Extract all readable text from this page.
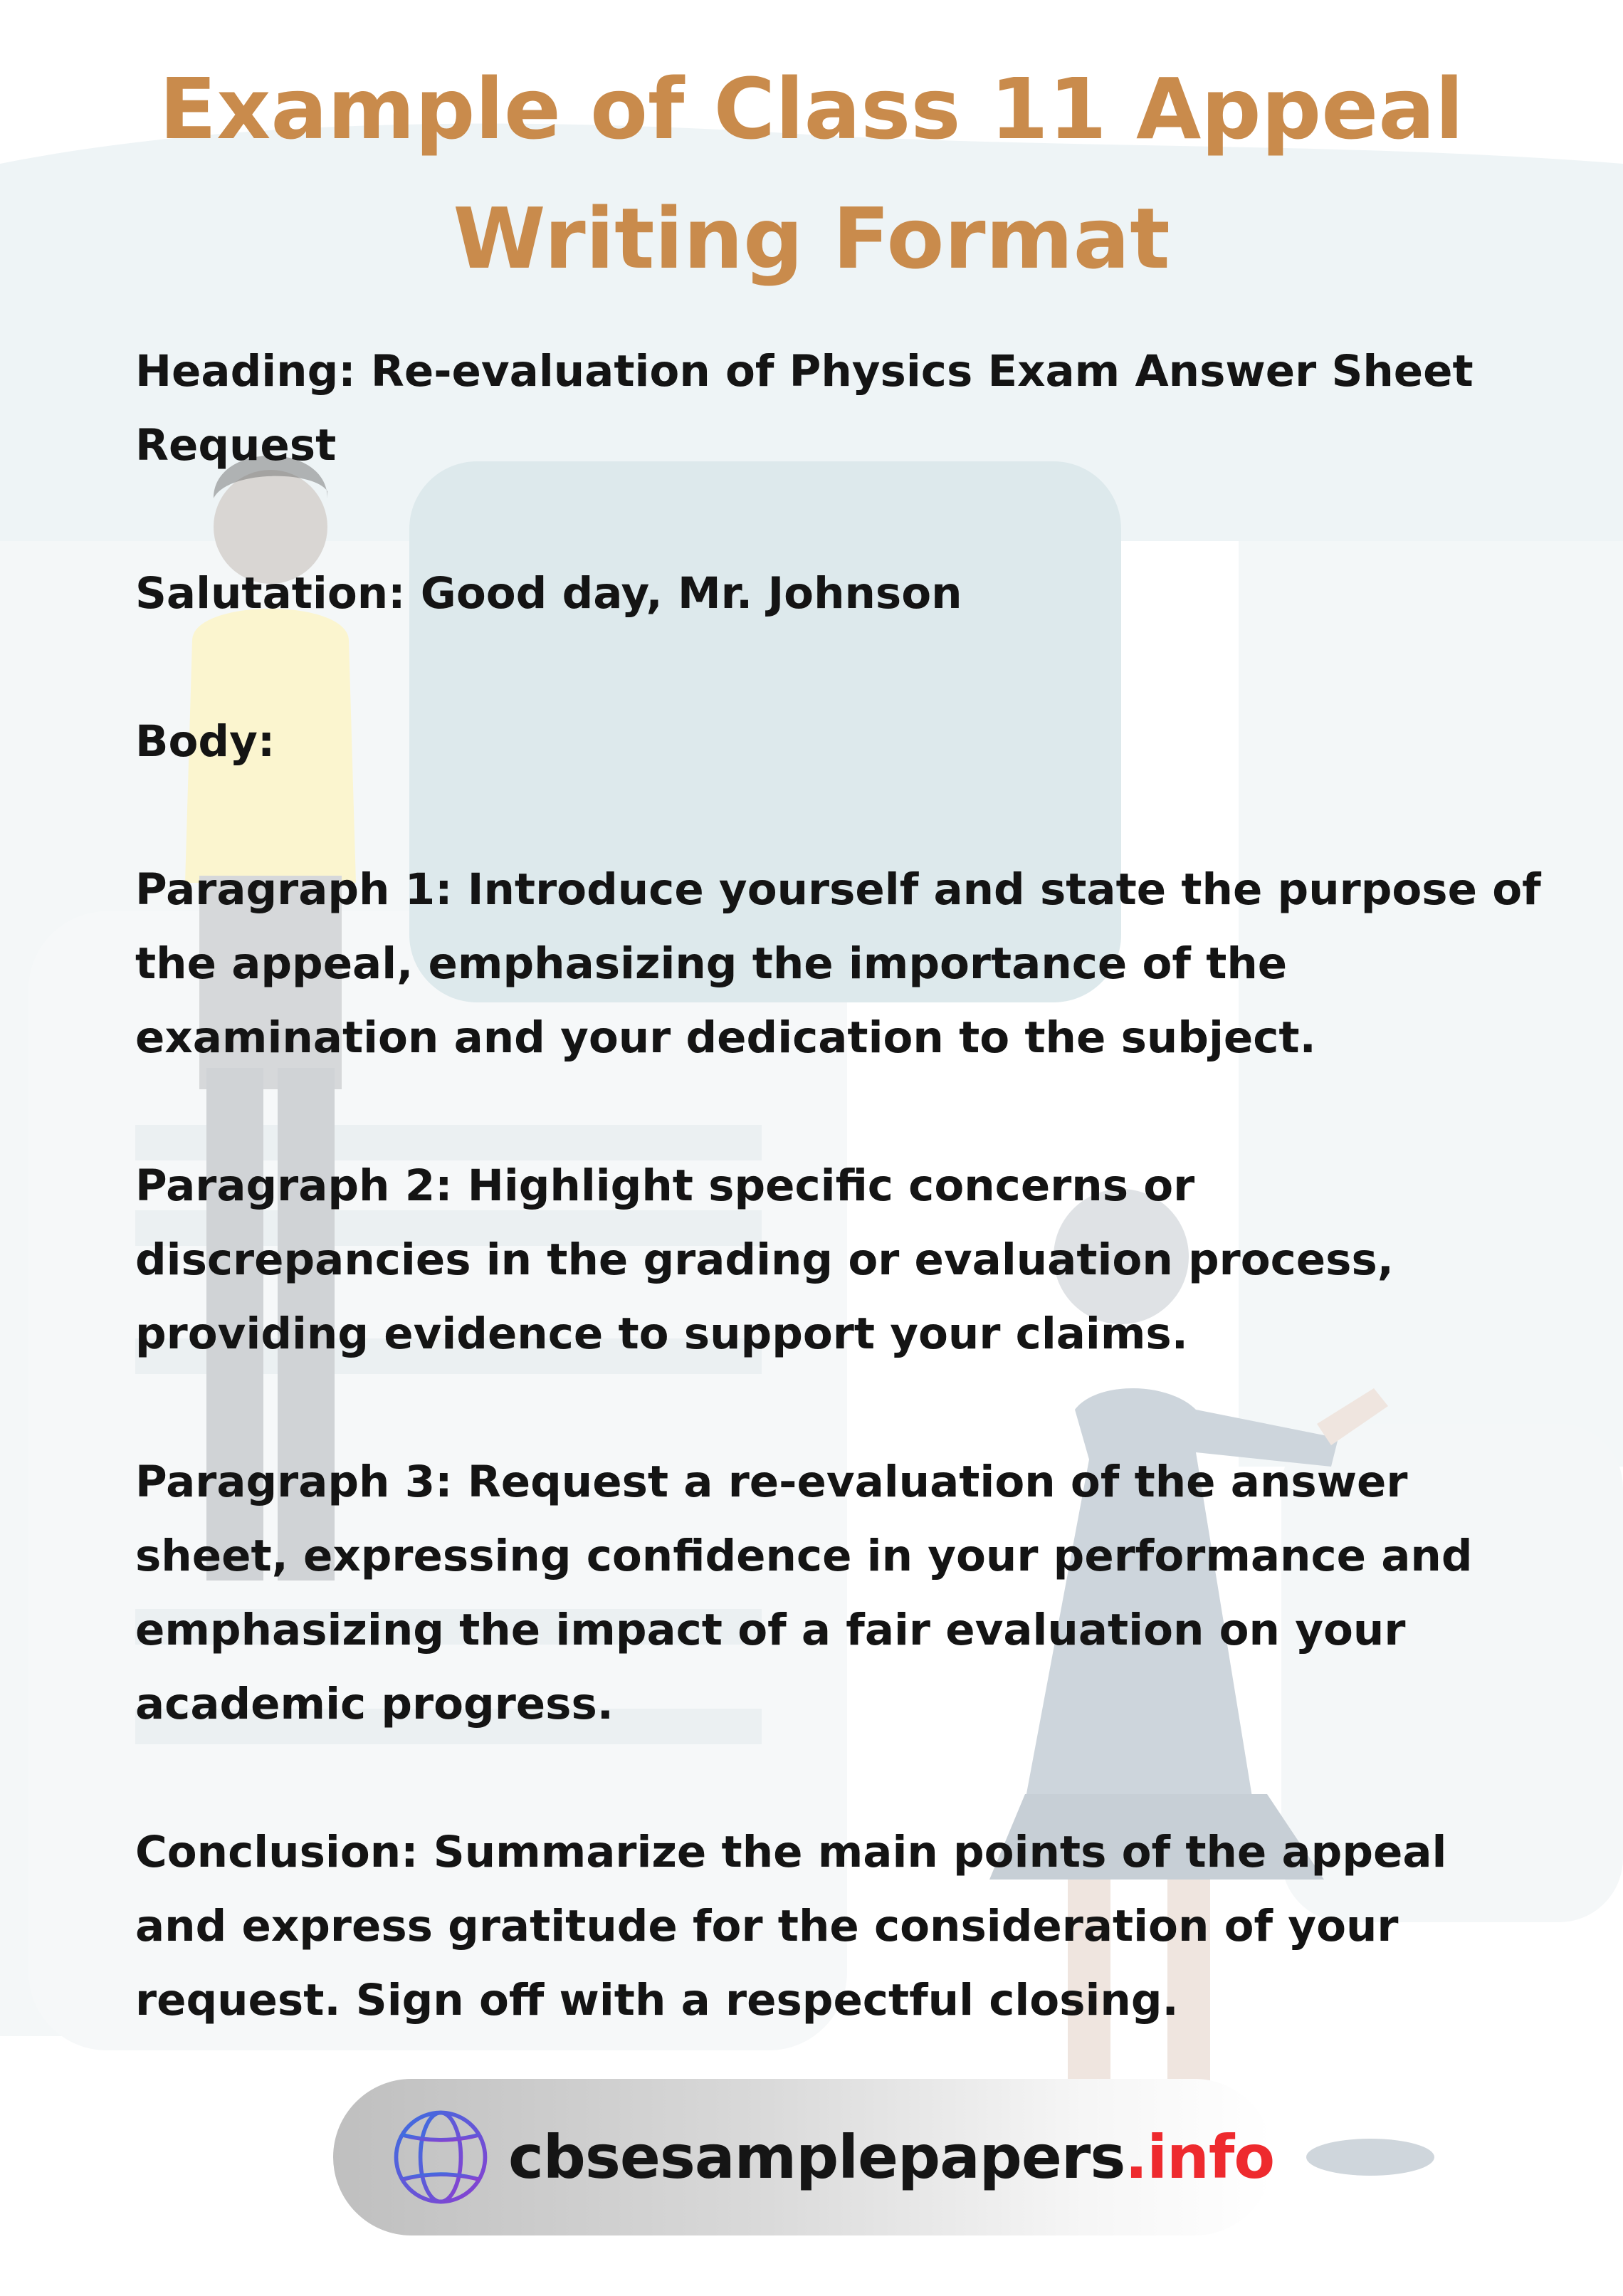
Example of Class 11 Appeal
Writing Format

Heading: Re-evaluation of Physics Exam Answer Sheet
Request

Salutation: Good day, Mr. Johnson

Body:

Paragraph 1: Introduce yourself and state the purpose of
the appeal, emphasizing the importance of the
examination and your dedication to the subject.

Paragraph 2: Highlight specific concerns or
discrepancies in the grading or evaluation process,
providing evidence to support your claims.

Paragraph 3: Request a re-evaluation of the answer
sheet, expressing confidence in your performance and
emphasizing the impact of a fair evaluation on your
academic progress.

Conclusion: Summarize the main points of the appeal
and express gratitude for the consideration of your
request. Sign off with a respectful closing.

cbsesamplepapers.info
